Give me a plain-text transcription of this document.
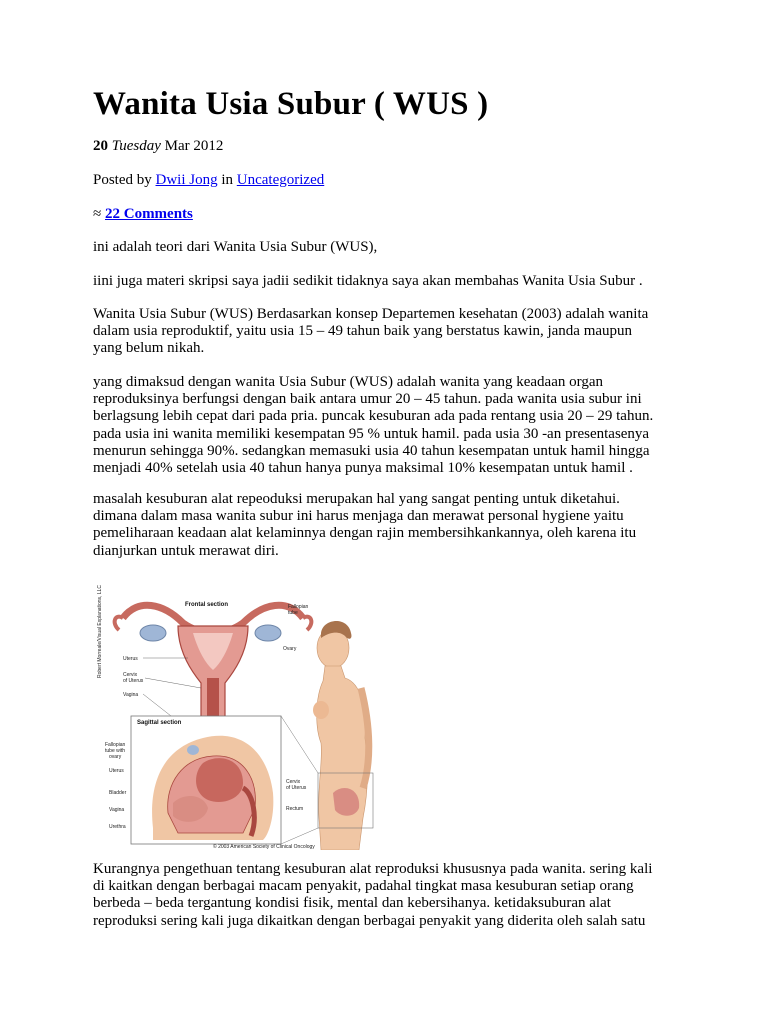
Wanita Usia Subur ( WUS )
20 Tuesday Mar 2012
Posted by Dwii Jong in Uncategorized
≈ 22 Comments
ini adalah teori dari Wanita Usia Subur (WUS),
iini juga materi skripsi saya jadii sedikit tidaknya saya akan membahas Wanita Usia Subur .
Wanita Usia Subur (WUS) Berdasarkan konsep Departemen kesehatan (2003) adalah wanita
dalam usia reproduktif, yaitu usia 15 – 49 tahun baik yang berstatus kawin, janda maupun
yang belum nikah.
yang dimaksud dengan wanita Usia Subur (WUS) adalah wanita yang keadaan organ
reproduksinya berfungsi dengan baik antara umur 20 – 45 tahun. pada wanita usia subur ini
berlagsung lebih cepat dari pada pria. puncak kesuburan ada pada rentang usia 20 – 29 tahun.
pada usia ini wanita memiliki kesempatan 95 % untuk hamil. pada usia 30 -an presentasenya
menurun sehingga 90%. sedangkan memasuki usia 40 tahun kesempatan untuk hamil hingga
menjadi 40% setelah usia 40 tahun hanya punya maksimal 10% kesempatan untuk hamil .
masalah kesuburan alat repeoduksi merupakan hal yang sangat penting untuk diketahui.
dimana dalam masa wanita subur ini harus menjaga dan merawat personal hygiene yaitu
pemeliharaan keadaan alat kelaminnya dengan rajin membersihkankannya, oleh karena itu
dianjurkan untuk merawat diri.
Robert Morreale/Visual Explanations, LLC	Frontal section	Fallopian
tube
Ovary
Uterus
Cervix
of Uterus
Vagina
Sagittal section
Fallopian
tube with
ovary
Uterus
Bladder
Vagina
Urethra
Cervix
of Uterus
Rectum
© 2003 American Society of Clinical Oncology
Kurangnya pengethuan tentang kesuburan alat reproduksi khususnya pada wanita. sering kali
di kaitkan dengan berbagai macam penyakit, padahal tingkat masa kesuburan setiap orang
berbeda – beda tergantung kondisi fisik, mental dan kebersihanya. ketidaksuburan alat
reproduksi sering kali juga dikaitkan dengan berbagai penyakit yang diderita oleh salah satu
